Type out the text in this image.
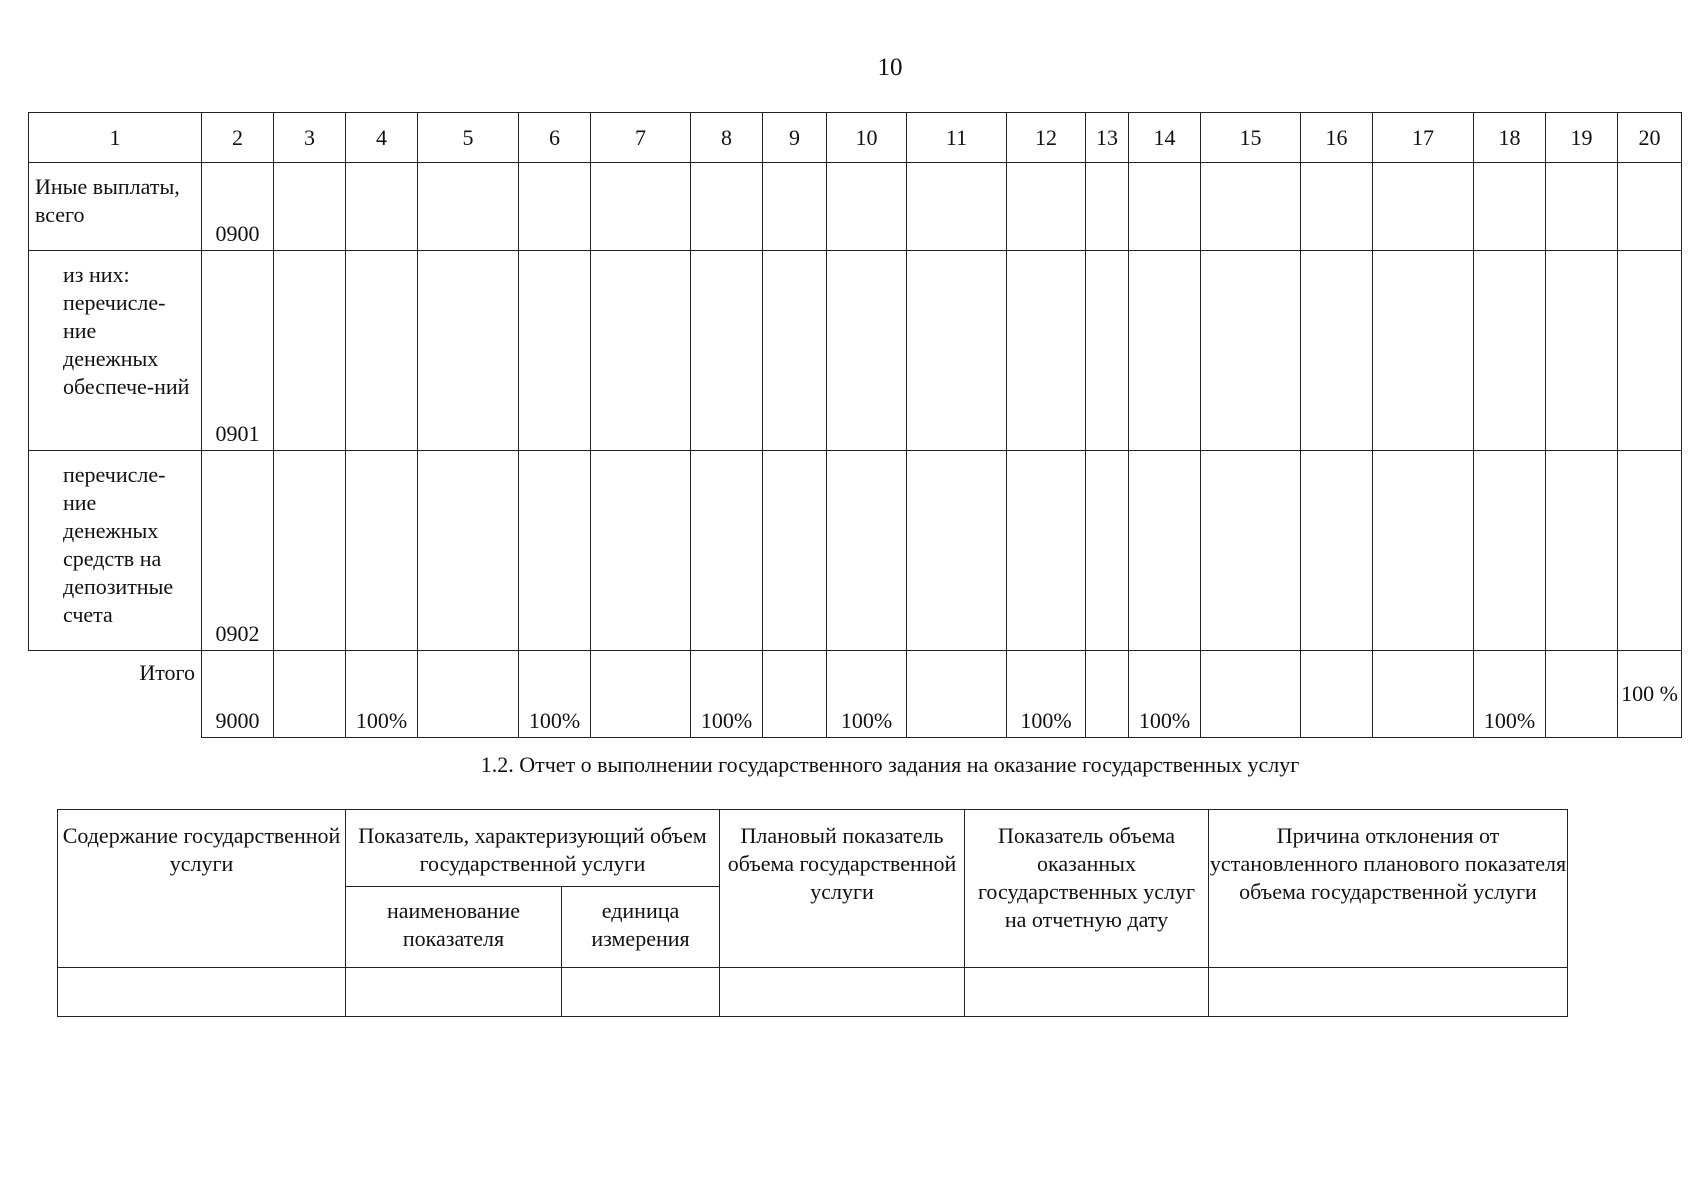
10
1	2	3	4	5	6	7	8	9	10	11	12	13	14	15	16	17	18	19	20
Иные выплаты, всего	0900																		
из них: перечисле-ние денежных обеспече-ний	0901																		
перечисле-ние денежных средств на депозитные счета	0902																		
Итого	9000		100%		100%		100%		100%		100%		100%				100%		100 %
1.2. Отчет о выполнении государственного задания на оказание государственных услуг
Содержание государственной услуги	Показатель, характеризующий объем государственной услуги		Плановый показатель объема государственной услуги	Показатель объема оказанных государственных услуг на отчетную дату	Причина отклонения от установленного планового показателя объема государственной услуги
	наименование показателя	единица измерения			
